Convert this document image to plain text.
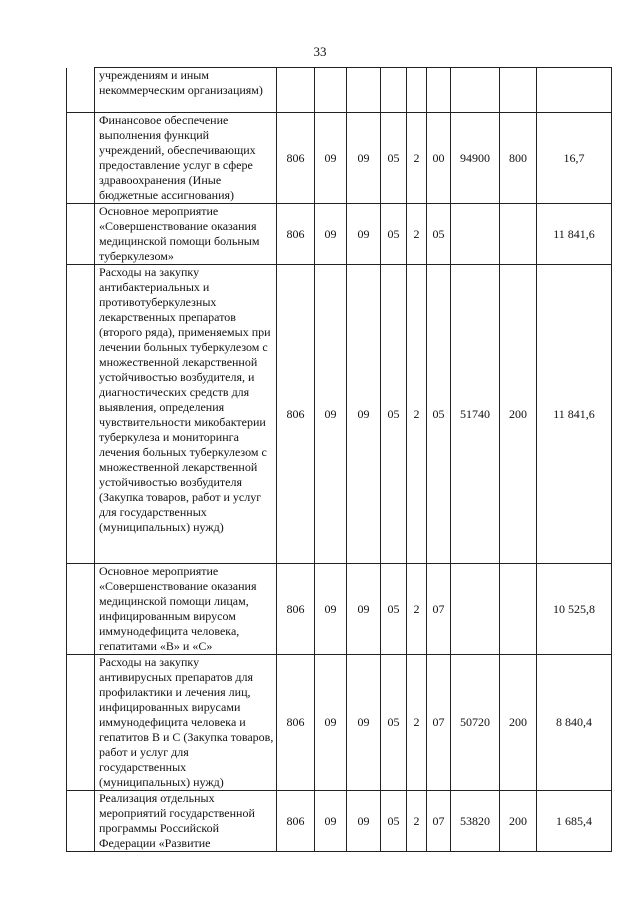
33
	учреждениям и иным некоммерческим организациям)									
	Финансовое обеспечение выполнения функций учреждений, обеспечивающих предоставление услуг в сфере здравоохранения (Иные бюджетные ассигнования)	806	09	09	05	2	00	94900	800	16,7
	Основное мероприятие «Совершенствование оказания медицинской помощи больным туберкулезом»	806	09	09	05	2	05			11 841,6
	Расходы на закупку антибактериальных и противотуберкулезных лекарственных препаратов (второго ряда), применяемых при лечении больных туберкулезом с множественной лекарственной устойчивостью возбудителя, и диагностических средств для выявления, определения чувствительности микобактерии туберкулеза и мониторинга лечения больных туберкулезом с множественной лекарственной устойчивостью возбудителя (Закупка товаров, работ и услуг для государственных (муниципальных) нужд)	806	09	09	05	2	05	51740	200	11 841,6
	Основное мероприятие «Совершенствование оказания медицинской помощи лицам, инфицированным вирусом иммунодефицита человека, гепатитами «В» и «С»	806	09	09	05	2	07			10 525,8
	Расходы на закупку антивирусных препаратов для профилактики и лечения лиц, инфицированных вирусами иммунодефицита человека и гепатитов В и С (Закупка товаров, работ и услуг для государственных (муниципальных) нужд)	806	09	09	05	2	07	50720	200	8 840,4
	Реализация отдельных мероприятий государственной программы Российской Федерации «Развитие	806	09	09	05	2	07	53820	200	1 685,4
